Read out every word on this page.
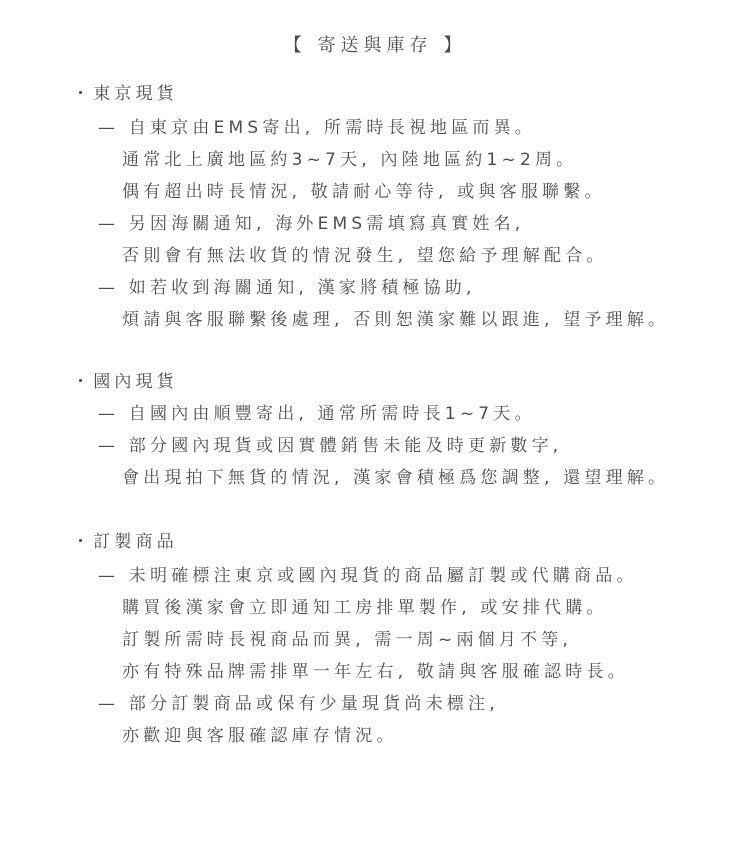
【 寄送與庫存 】
・東京現貨
— 自東京由EMS寄出, 所需時長視地區而異。
通常北上廣地區約3~7天, 內陸地區約1~2周。
偶有超出時長情況, 敬請耐心等待, 或與客服聯繫。
— 另因海關通知, 海外EMS需填寫真實姓名,
否則會有無法收貨的情況發生, 望您給予理解配合。
— 如若收到海關通知, 漢家將積極協助,
煩請與客服聯繫後處理, 否則恕漢家難以跟進, 望予理解。
・國內現貨
— 自國內由順豐寄出, 通常所需時長1~7天。
— 部分國內現貨或因實體銷售未能及時更新數字,
會出現拍下無貨的情況, 漢家會積極爲您調整, 還望理解。
・訂製商品
— 未明確標注東京或國內現貨的商品屬訂製或代購商品。
購買後漢家會立即通知工房排單製作, 或安排代購。
訂製所需時長視商品而異, 需一周~兩個月不等,
亦有特殊品牌需排單一年左右, 敬請與客服確認時長。
— 部分訂製商品或保有少量現貨尚未標注,
亦歡迎與客服確認庫存情況。
